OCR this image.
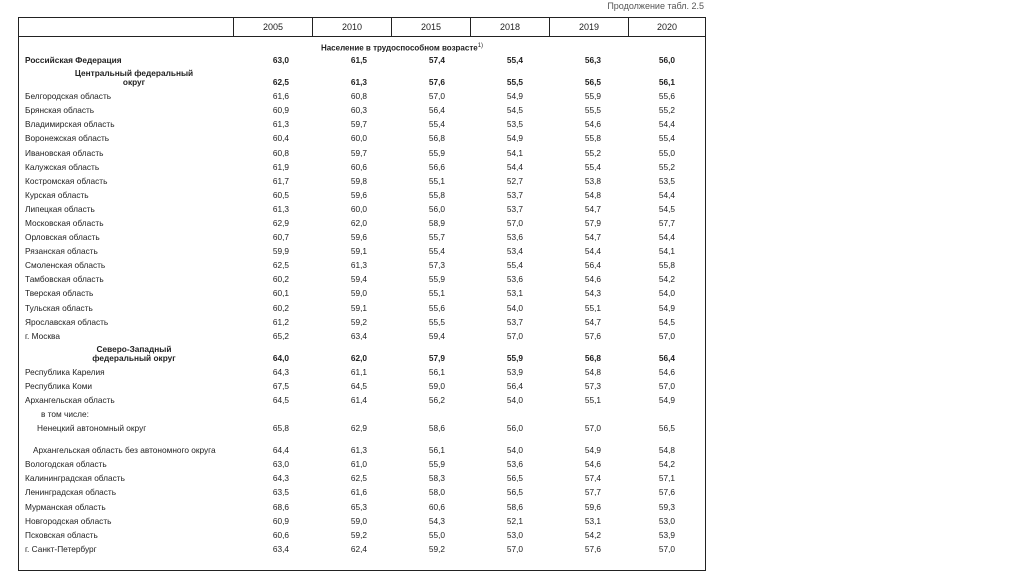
Продолжение табл. 2.5
2005	2010	2015	2018	2019	2020
Население в трудоспособном возрасте$^{1)}$
Российская Федерация	63,0	61,5	57,4	55,4	56,3	56,0
Центральный федеральный округ	62,5	61,3	57,6	55,5	56,5	56,1
Белгородская область	61,6	60,8	57,0	54,9	55,9	55,6
Брянская область	60,9	60,3	56,4	54,5	55,5	55,2
Владимирская область	61,3	59,7	55,4	53,5	54,6	54,4
Воронежская область	60,4	60,0	56,8	54,9	55,8	55,4
Ивановская область	60,8	59,7	55,9	54,1	55,2	55,0
Калужская область	61,9	60,6	56,6	54,4	55,4	55,2
Костромская область	61,7	59,8	55,1	52,7	53,8	53,5
Курская область	60,5	59,6	55,8	53,7	54,8	54,4
Липецкая область	61,3	60,0	56,0	53,7	54,7	54,5
Московская область	62,9	62,0	58,9	57,0	57,9	57,7
Орловская область	60,7	59,6	55,7	53,6	54,7	54,4
Рязанская область	59,9	59,1	55,4	53,4	54,4	54,1
Смоленская область	62,5	61,3	57,3	55,4	56,4	55,8
Тамбовская область	60,2	59,4	55,9	53,6	54,6	54,2
Тверская область	60,1	59,0	55,1	53,1	54,3	54,0
Тульская область	60,2	59,1	55,6	54,0	55,1	54,9
Ярославская область	61,2	59,2	55,5	53,7	54,7	54,5
г. Москва	65,2	63,4	59,4	57,0	57,6	57,0
Северо-Западный федеральный округ	64,0	62,0	57,9	55,9	56,8	56,4
Республика Карелия	64,3	61,1	56,1	53,9	54,8	54,6
Республика Коми	67,5	64,5	59,0	56,4	57,3	57,0
Архангельская область	64,5	61,4	56,2	54,0	55,1	54,9
в том числе:
Ненецкий автономный округ	65,8	62,9	58,6	56,0	57,0	56,5
Архангельская область без автономного округа	64,4	61,3	56,1	54,0	54,9	54,8
Вологодская область	63,0	61,0	55,9	53,6	54,6	54,2
Калининградская область	64,3	62,5	58,3	56,5	57,4	57,1
Ленинградская область	63,5	61,6	58,0	56,5	57,7	57,6
Мурманская область	68,6	65,3	60,6	58,6	59,6	59,3
Новгородская область	60,9	59,0	54,3	52,1	53,1	53,0
Псковская область	60,6	59,2	55,0	53,0	54,2	53,9
г. Санкт-Петербург	63,4	62,4	59,2	57,0	57,6	57,0
